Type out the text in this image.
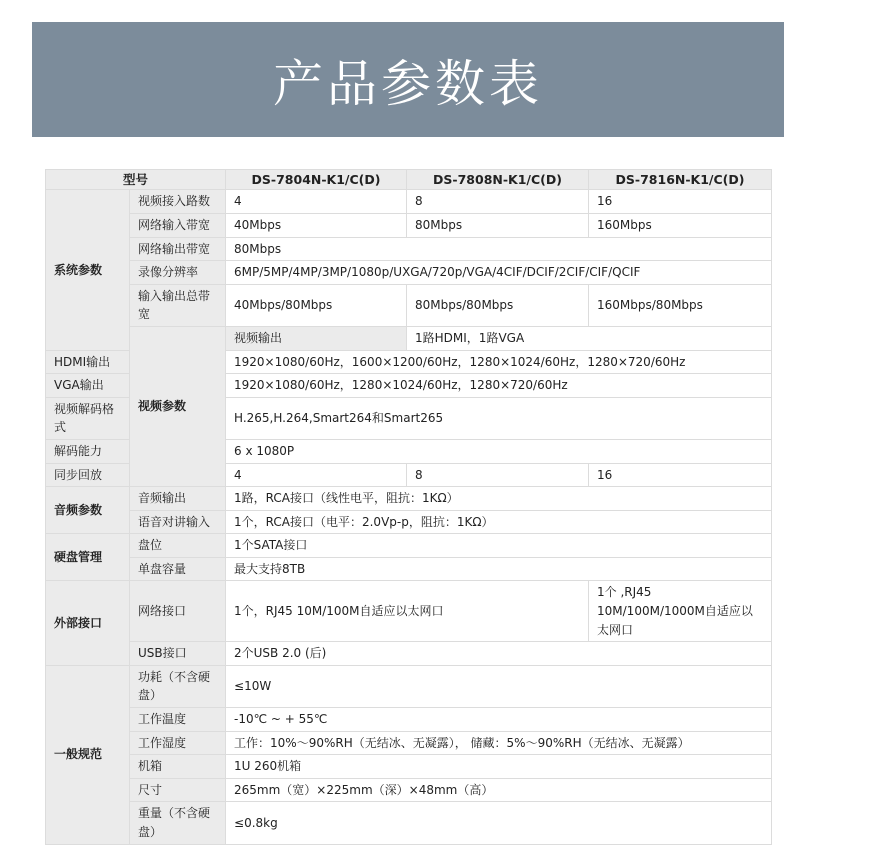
产品参数表
型号		DS-7804N-K1/C(D)	DS-7808N-K1/C(D)	DS-7816N-K1/C(D)
系统参数	视频接入路数	4	8	16
	网络输入带宽	40Mbps	80Mbps	160Mbps
	网络输出带宽	80Mbps		
	录像分辨率	6MP/5MP/4MP/3MP/1080p/UXGA/720p/VGA/4CIF/DCIF/2CIF/CIF/QCIF		
	输入输出总带宽	40Mbps/80Mbps	80Mbps/80Mbps	160Mbps/80Mbps
	视频参数	视频输出	1路HDMI，1路VGA	
HDMI输出		1920×1080/60Hz，1600×1200/60Hz，1280×1024/60Hz，1280×720/60Hz		
VGA输出		1920×1080/60Hz，1280×1024/60Hz，1280×720/60Hz		
视频解码格式		H.265,H.264,Smart264和Smart265		
解码能力		6 x 1080P		
同步回放		4	8	16
音频参数	音频输出	1路，RCA接口（线性电平，阻抗：1KΩ）		
	语音对讲输入	1个，RCA接口（电平：2.0Vp-p，阻抗：1KΩ）		
硬盘管理	盘位	1个SATA接口		
	单盘容量	最大支持8TB		
外部接口	网络接口	1个，RJ45 10M/100M自适应以太网口		1个 ,RJ45 10M/100M/1000M自适应以太网口
	USB接口	2个USB 2.0 (后)		
一般规范	功耗（不含硬盘）	≤10W		
	工作温度	-10℃ ~ + 55℃		
	工作湿度	工作：10%～90%RH（无结冰、无凝露）， 储藏：5%～90%RH（无结冰、无凝露）		
	机箱	1U 260机箱		
	尺寸	265mm（宽）×225mm（深）×48mm（高）		
	重量（不含硬盘）	≤0.8kg		
